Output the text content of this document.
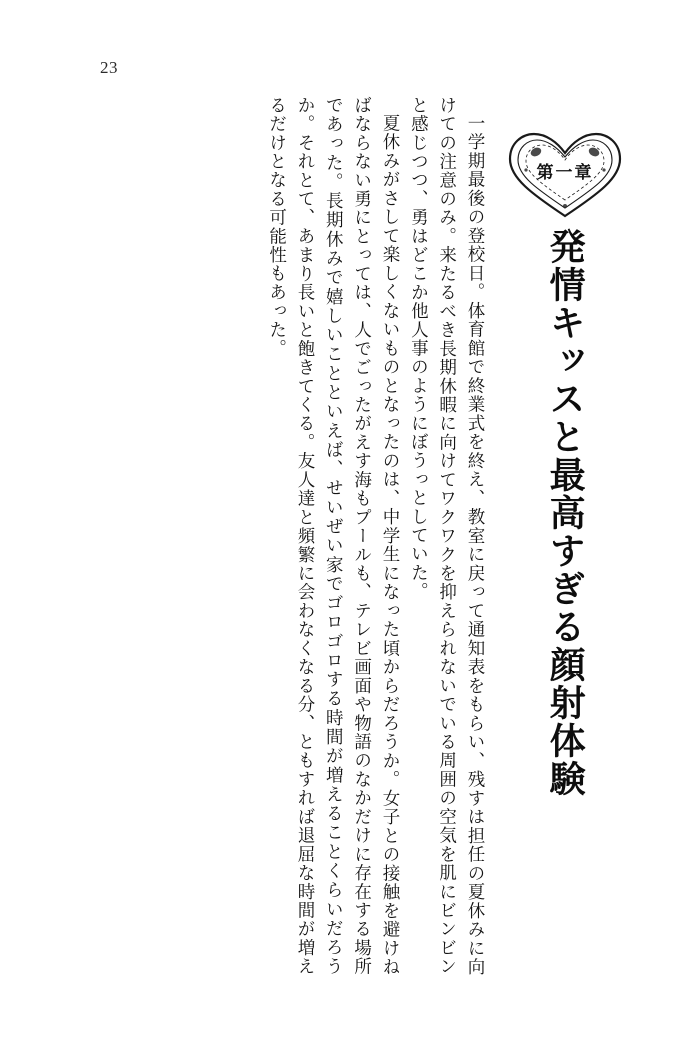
23
第一章
発情キッスと最高すぎる顔射体験

一学期最後の登校日。体育館で終業式を終え、教室に戻って通知表をもらい、残すは担任の夏休みに向けての注意のみ。来たるべき長期休暇に向けてワクワクを抑えられないでいる周囲の空気を肌にビンビンと感じつつ、勇はどこか他人事のようにぼうっとしていた。

夏休みがさして楽しくないものとなったのは、中学生になった頃からだろうか。女子との接触を避けねばならない勇にとっては、人でごったがえす海もプールも、テレビ画面や物語のなかだけに存在する場所であった。長期休みで嬉しいことといえば、せいぜい家でゴロゴロする時間が増えることくらいだろうか。それとて、あまり長いと飽きてくる。友人達と頻繁に会わなくなる分、ともすれば退屈な時間が増えるだけとなる可能性もあった。
